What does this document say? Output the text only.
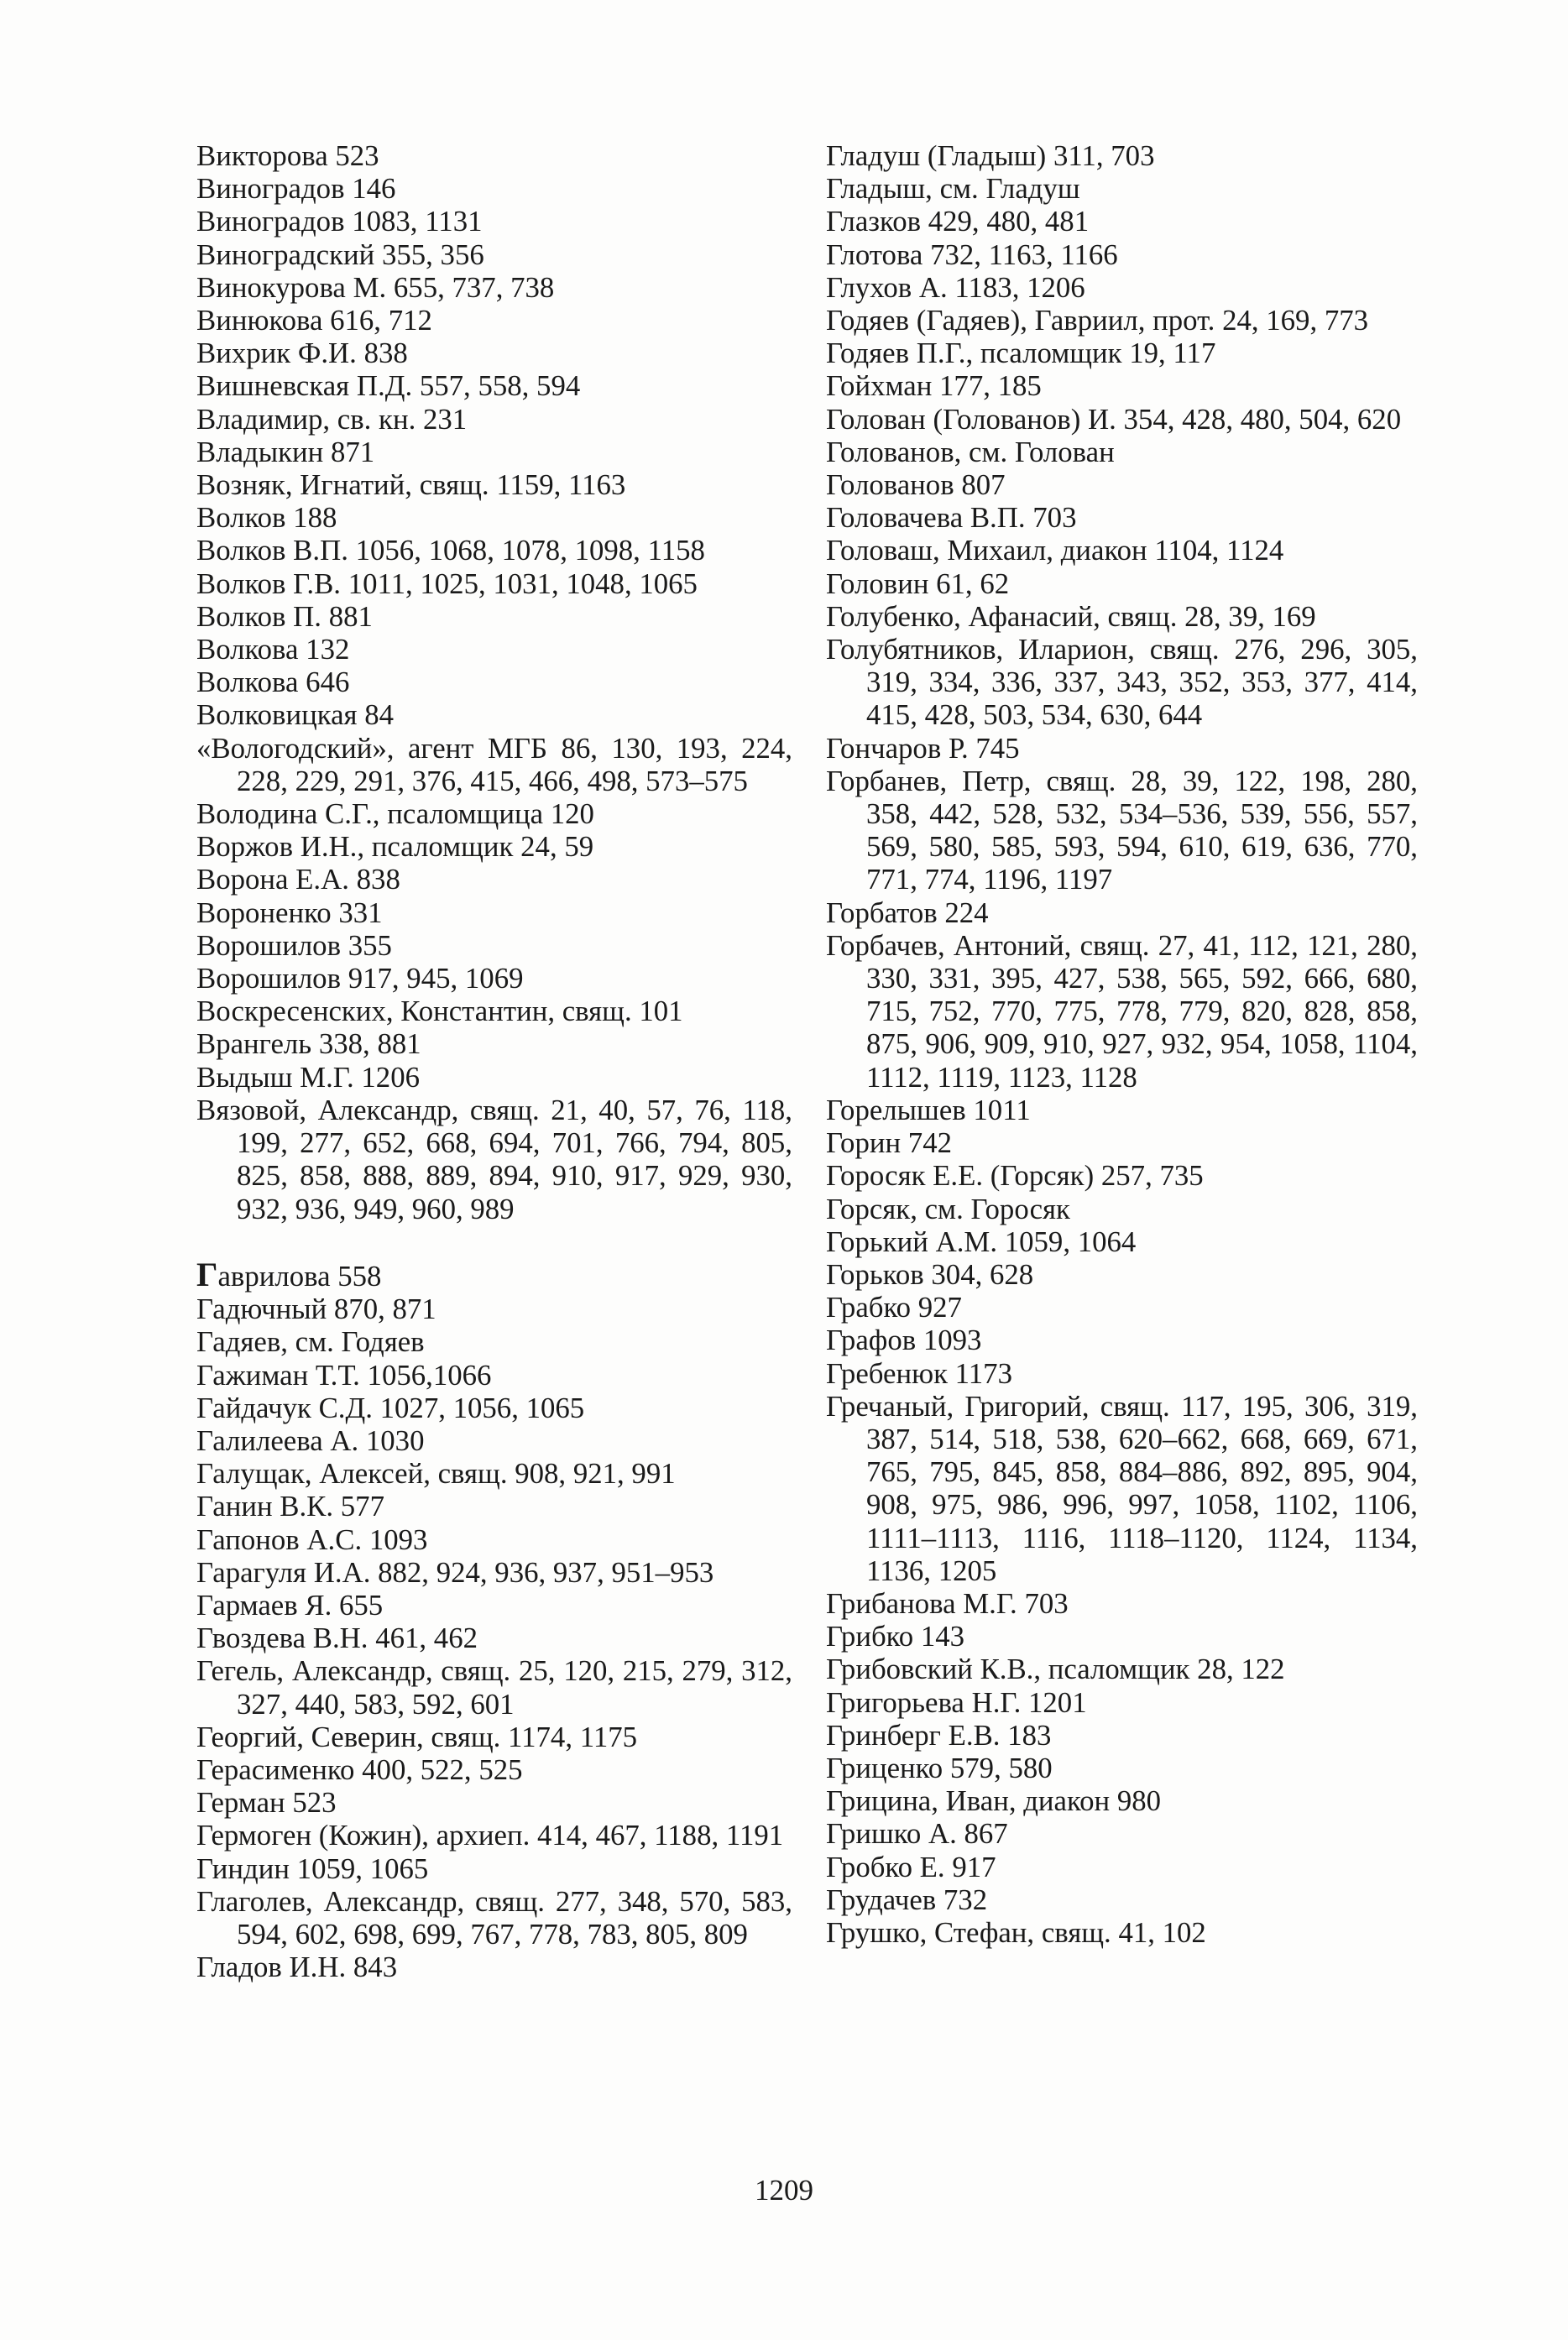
Викторова 523
Виноградов 146
Виноградов 1083, 1131
Виноградский 355, 356
Винокурова М. 655, 737, 738
Винюкова 616, 712
Вихрик Ф.И. 838
Вишневская П.Д. 557, 558, 594
Владимир, св. кн. 231
Владыкин 871
Возняк, Игнатий, свящ. 1159, 1163
Волков 188
Волков В.П. 1056, 1068, 1078, 1098, 1158
Волков Г.В. 1011, 1025, 1031, 1048, 1065
Волков П. 881
Волкова 132
Волкова 646
Волковицкая 84
«Вологодский», агент МГБ 86, 130, 193, 224, 228, 229, 291, 376, 415, 466, 498, 573–575
Володина С.Г., псаломщица 120
Воржов И.Н., псаломщик 24, 59
Ворона Е.А. 838
Вороненко 331
Ворошилов 355
Ворошилов 917, 945, 1069
Воскресенских, Константин, свящ. 101
Врангель 338, 881
Выдыш М.Г. 1206
Вязовой, Александр, свящ. 21, 40, 57, 76, 118, 199, 277, 652, 668, 694, 701, 766, 794, 805, 825, 858, 888, 889, 894, 910, 917, 929, 930, 932, 936, 949, 960, 989
Гаврилова 558
Гадючный 870, 871
Гадяев, см. Годяев
Гажиман Т.Т. 1056,1066
Гайдачук С.Д. 1027, 1056, 1065
Галилеева А. 1030
Галущак, Алексей, свящ. 908, 921, 991
Ганин В.К. 577
Гапонов А.С. 1093
Гарагуля И.А. 882, 924, 936, 937, 951–953
Гармаев Я. 655
Гвоздева В.Н. 461, 462
Гегель, Александр, свящ. 25, 120, 215, 279, 312, 327, 440, 583, 592, 601
Георгий, Северин, свящ. 1174, 1175
Герасименко 400, 522, 525
Герман 523
Гермоген (Кожин), архиеп. 414, 467, 1188, 1191
Гиндин 1059, 1065
Глаголев, Александр, свящ. 277, 348, 570, 583, 594, 602, 698, 699, 767, 778, 783, 805, 809
Гладов И.Н. 843
Гладуш (Гладыш) 311, 703
Гладыш, см. Гладуш
Глазков 429, 480, 481
Глотова 732, 1163, 1166
Глухов А. 1183, 1206
Годяев (Гадяев), Гавриил, прот. 24, 169, 773
Годяев П.Г., псаломщик 19, 117
Гойхман 177, 185
Голован (Голованов) И. 354, 428, 480, 504, 620
Голованов, см. Голован
Голованов 807
Головачева В.П. 703
Головаш, Михаил, диакон 1104, 1124
Головин 61, 62
Голубенко, Афанасий, свящ. 28, 39, 169
Голубятников, Иларион, свящ. 276, 296, 305, 319, 334, 336, 337, 343, 352, 353, 377, 414, 415, 428, 503, 534, 630, 644
Гончаров Р. 745
Горбанев, Петр, свящ. 28, 39, 122, 198, 280, 358, 442, 528, 532, 534–536, 539, 556, 557, 569, 580, 585, 593, 594, 610, 619, 636, 770, 771, 774, 1196, 1197
Горбатов 224
Горбачев, Антоний, свящ. 27, 41, 112, 121, 280, 330, 331, 395, 427, 538, 565, 592, 666, 680, 715, 752, 770, 775, 778, 779, 820, 828, 858, 875, 906, 909, 910, 927, 932, 954, 1058, 1104, 1112, 1119, 1123, 1128
Горелышев 1011
Горин 742
Горосяк Е.Е. (Горсяк) 257, 735
Горсяк, см. Горосяк
Горький А.М. 1059, 1064
Горьков 304, 628
Грабко 927
Графов 1093
Гребенюк 1173
Гречаный, Григорий, свящ. 117, 195, 306, 319, 387, 514, 518, 538, 620–662, 668, 669, 671, 765, 795, 845, 858, 884–886, 892, 895, 904, 908, 975, 986, 996, 997, 1058, 1102, 1106, 1111–1113, 1116, 1118–1120, 1124, 1134, 1136, 1205
Грибанова М.Г. 703
Грибко 143
Грибовский К.В., псаломщик 28, 122
Григорьева Н.Г. 1201
Гринберг Е.В. 183
Гриценко 579, 580
Грицина, Иван, диакон 980
Гришко А. 867
Гробко Е. 917
Грудачев 732
Грушко, Стефан, свящ. 41, 102
1209
